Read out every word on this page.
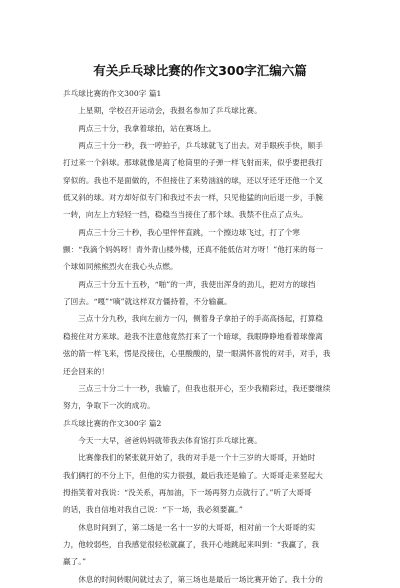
有关乒乓球比赛的作文300字汇编六篇
乒乓球比赛的作文300字 篇1
　　上星期，学校召开运动会，我报名参加了乒乓球比赛。
　　两点三十分，我拿着球拍，站在赛场上。
　　两点三十分一秒，我一哼拍子，乒乓球就飞了出去。对手眼疾手快，顺手
打过来一个斜球。那球就像是离了枪筒里的子弹一样飞射而来，似乎要把我打
穿似的。我也不是面做的，不但接住了来势汹汹的球，还以牙还牙还他一个叉
低又斜的球。对方却好似专门和我过不去一样，只见他猛的向后退一步，手腕
一转，向左上方轻轻一挡，稳稳当当接住了那个球。我禁不住点了点头。
　　两点三十分三十秒，我心里怦怦直跳，一个擦边球飞过，打了个寒
颤：“我滴个妈妈呀！青外青山楼外楼，还真不能低估对方呀！”他打来的每一
个球如同熊熊烈火在我心头点燃。
　　两点三十分五十五秒，“啪”的一声，我使出浑身的劲儿，把对方的球挡
了回去。“嘎”“嘀”就这样双方僵持着，不分输赢。
　　三点十分九秒，我向左前方一闪，侧着身子拿拍子的手高高扬起，打算稳
稳接住对方来球。趁我不注意他竟然打来了一个暗球，我眼睁睁地看着球像离
弦的箭一样飞来，愣是没接住，心里酸酸的，望一眼满怀喜悦的对手，对手，我
还会回来的！
　　三点三十分二十一秒，我输了，但我也很开心，至少我精彩过，我还要继续
努力，争取下一次的成功。
乒乓球比赛的作文300字 篇2
　　今天一大早，爸爸妈妈就带我去体育馆打乒乓球比赛。
　　比赛像我们的紧张就开始了，我的对手是一个十三岁的大哥哥，开始时
我们俩打的不分上下，但他的实力很强，最后我还是输了。大哥哥走来竖起大
拇指笑着对我说：“没关系，再加油，下一场再努力点就行了。”听了大哥哥
的话，我自信地对我自己说：“下一场，我必须要赢。”
　　休息时间到了，第二场是一名十一岁的大哥哥，相对前一个大哥哥的实
力，他较弱些，自我感觉很轻松就赢了，我开心地跳起来叫到：“我赢了，我
赢了。”
　　休息的时间转眼间就过去了，第三场也是最后一场比赛开始了。我十分的
